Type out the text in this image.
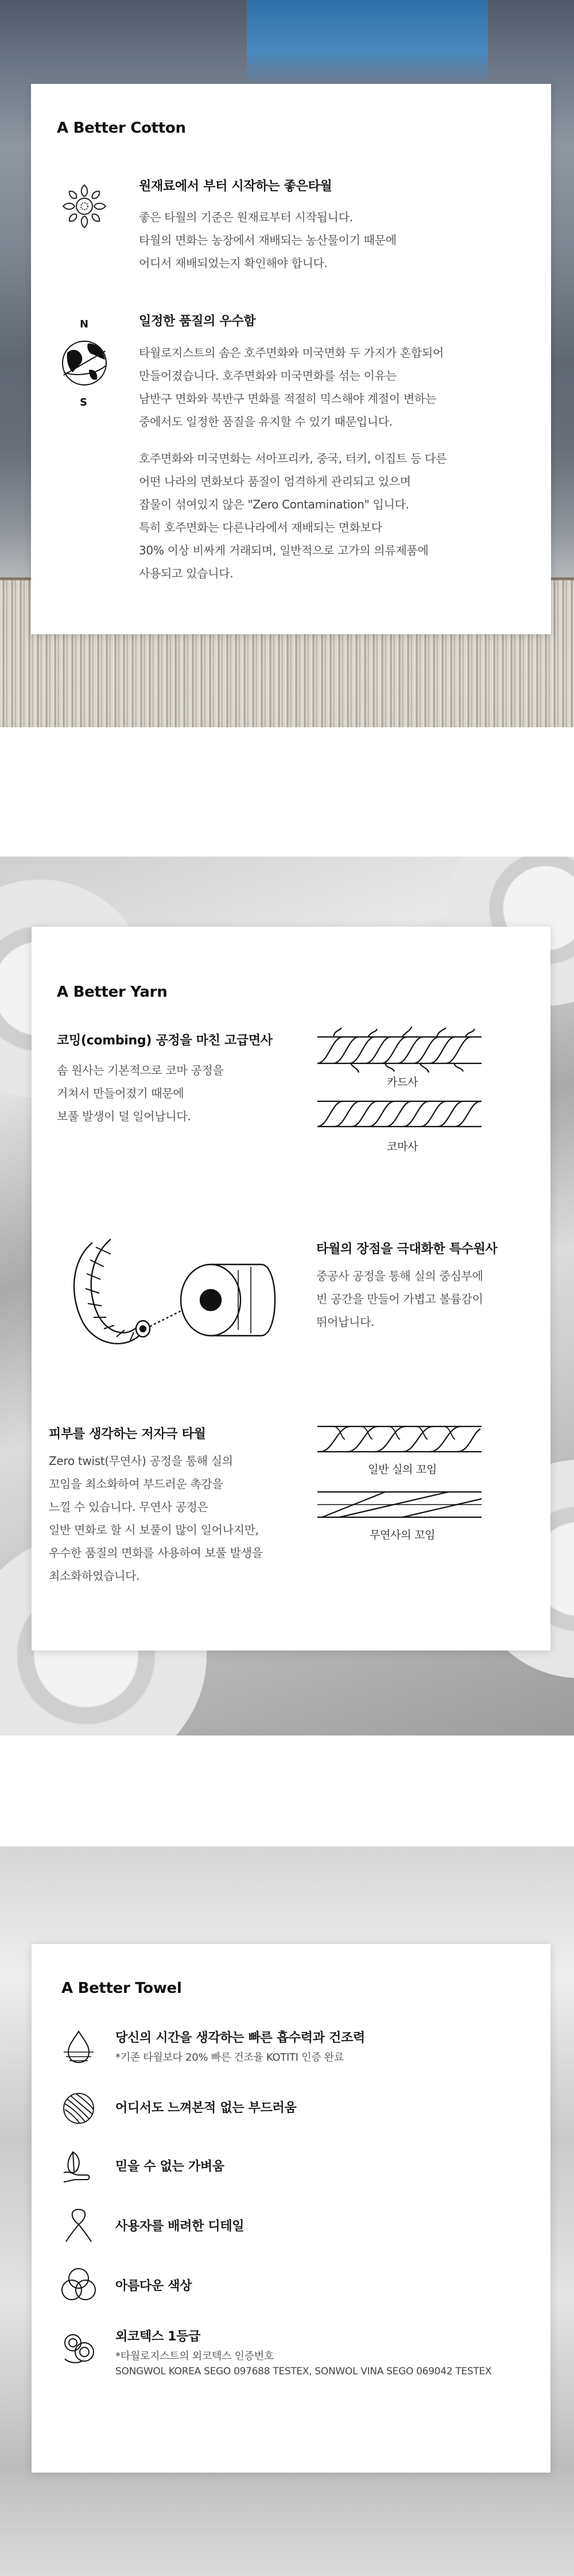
A Better Cotton
원재료에서 부터 시작하는 좋은타월
좋은 타월의 기준은 원재료부터 시작됩니다.
타월의 면화는 농장에서 재배되는 농산물이기 때문에
어디서 재배되었는지 확인해야 합니다.
N
S
일정한 품질의 우수함
타월로지스트의 솜은 호주면화와 미국면화 두 가지가 혼합되어
만들어졌습니다. 호주면화와 미국면화를 섞는 이유는
남반구 면화와 북반구 면화를 적절히 믹스해야 계절이 변하는
중에서도 일정한 품질을 유지할 수 있기 때문입니다.
호주면화와 미국면화는 서아프리카, 중국, 터키, 이집트 등 다른
어떤 나라의 면화보다 품질이 엄격하게 관리되고 있으며
잡물이 섞여있지 않은 "Zero Contamination" 입니다.
특히 호주면화는 다른나라에서 재배되는 면화보다
30% 이상 비싸게 거래되며, 일반적으로 고가의 의류제품에
사용되고 있습니다.
A Better Yarn
코밍(combing) 공정을 마친 고급면사
솜 원사는 기본적으로 코마 공정을
거쳐서 만들어졌기 때문에
보풀 발생이 덜 일어납니다.
카드사
코마사
타월의 장점을 극대화한 특수원사
중공사 공정을 통해 실의 중심부에
빈 공간을 만들어 가볍고 볼륨감이
뛰어납니다.
피부를 생각하는 저자극 타월
Zero twist(무연사) 공정을 통해 실의
꼬임을 최소화하여 부드러운 촉감을
느낄 수 있습니다. 무연사 공정은
일반 면화로 할 시 보풀이 많이 일어나지만,
우수한 품질의 면화를 사용하여 보풀 발생을
최소화하였습니다.
일반 실의 꼬임
무연사의 꼬임
A Better Towel
당신의 시간을 생각하는 빠른 흡수력과 건조력
*기존 타월보다 20% 빠른 건조율 KOTITI 인증 완료
어디서도 느껴본적 없는 부드러움
믿을 수 없는 가벼움
사용자를 배려한 디테일
아름다운 색상
외코텍스 1등급
*타월로지스트의 외코텍스 인증번호
SONGWOL KOREA SEGO 097688 TESTEX, SONWOL VINA SEGO 069042 TESTEX
